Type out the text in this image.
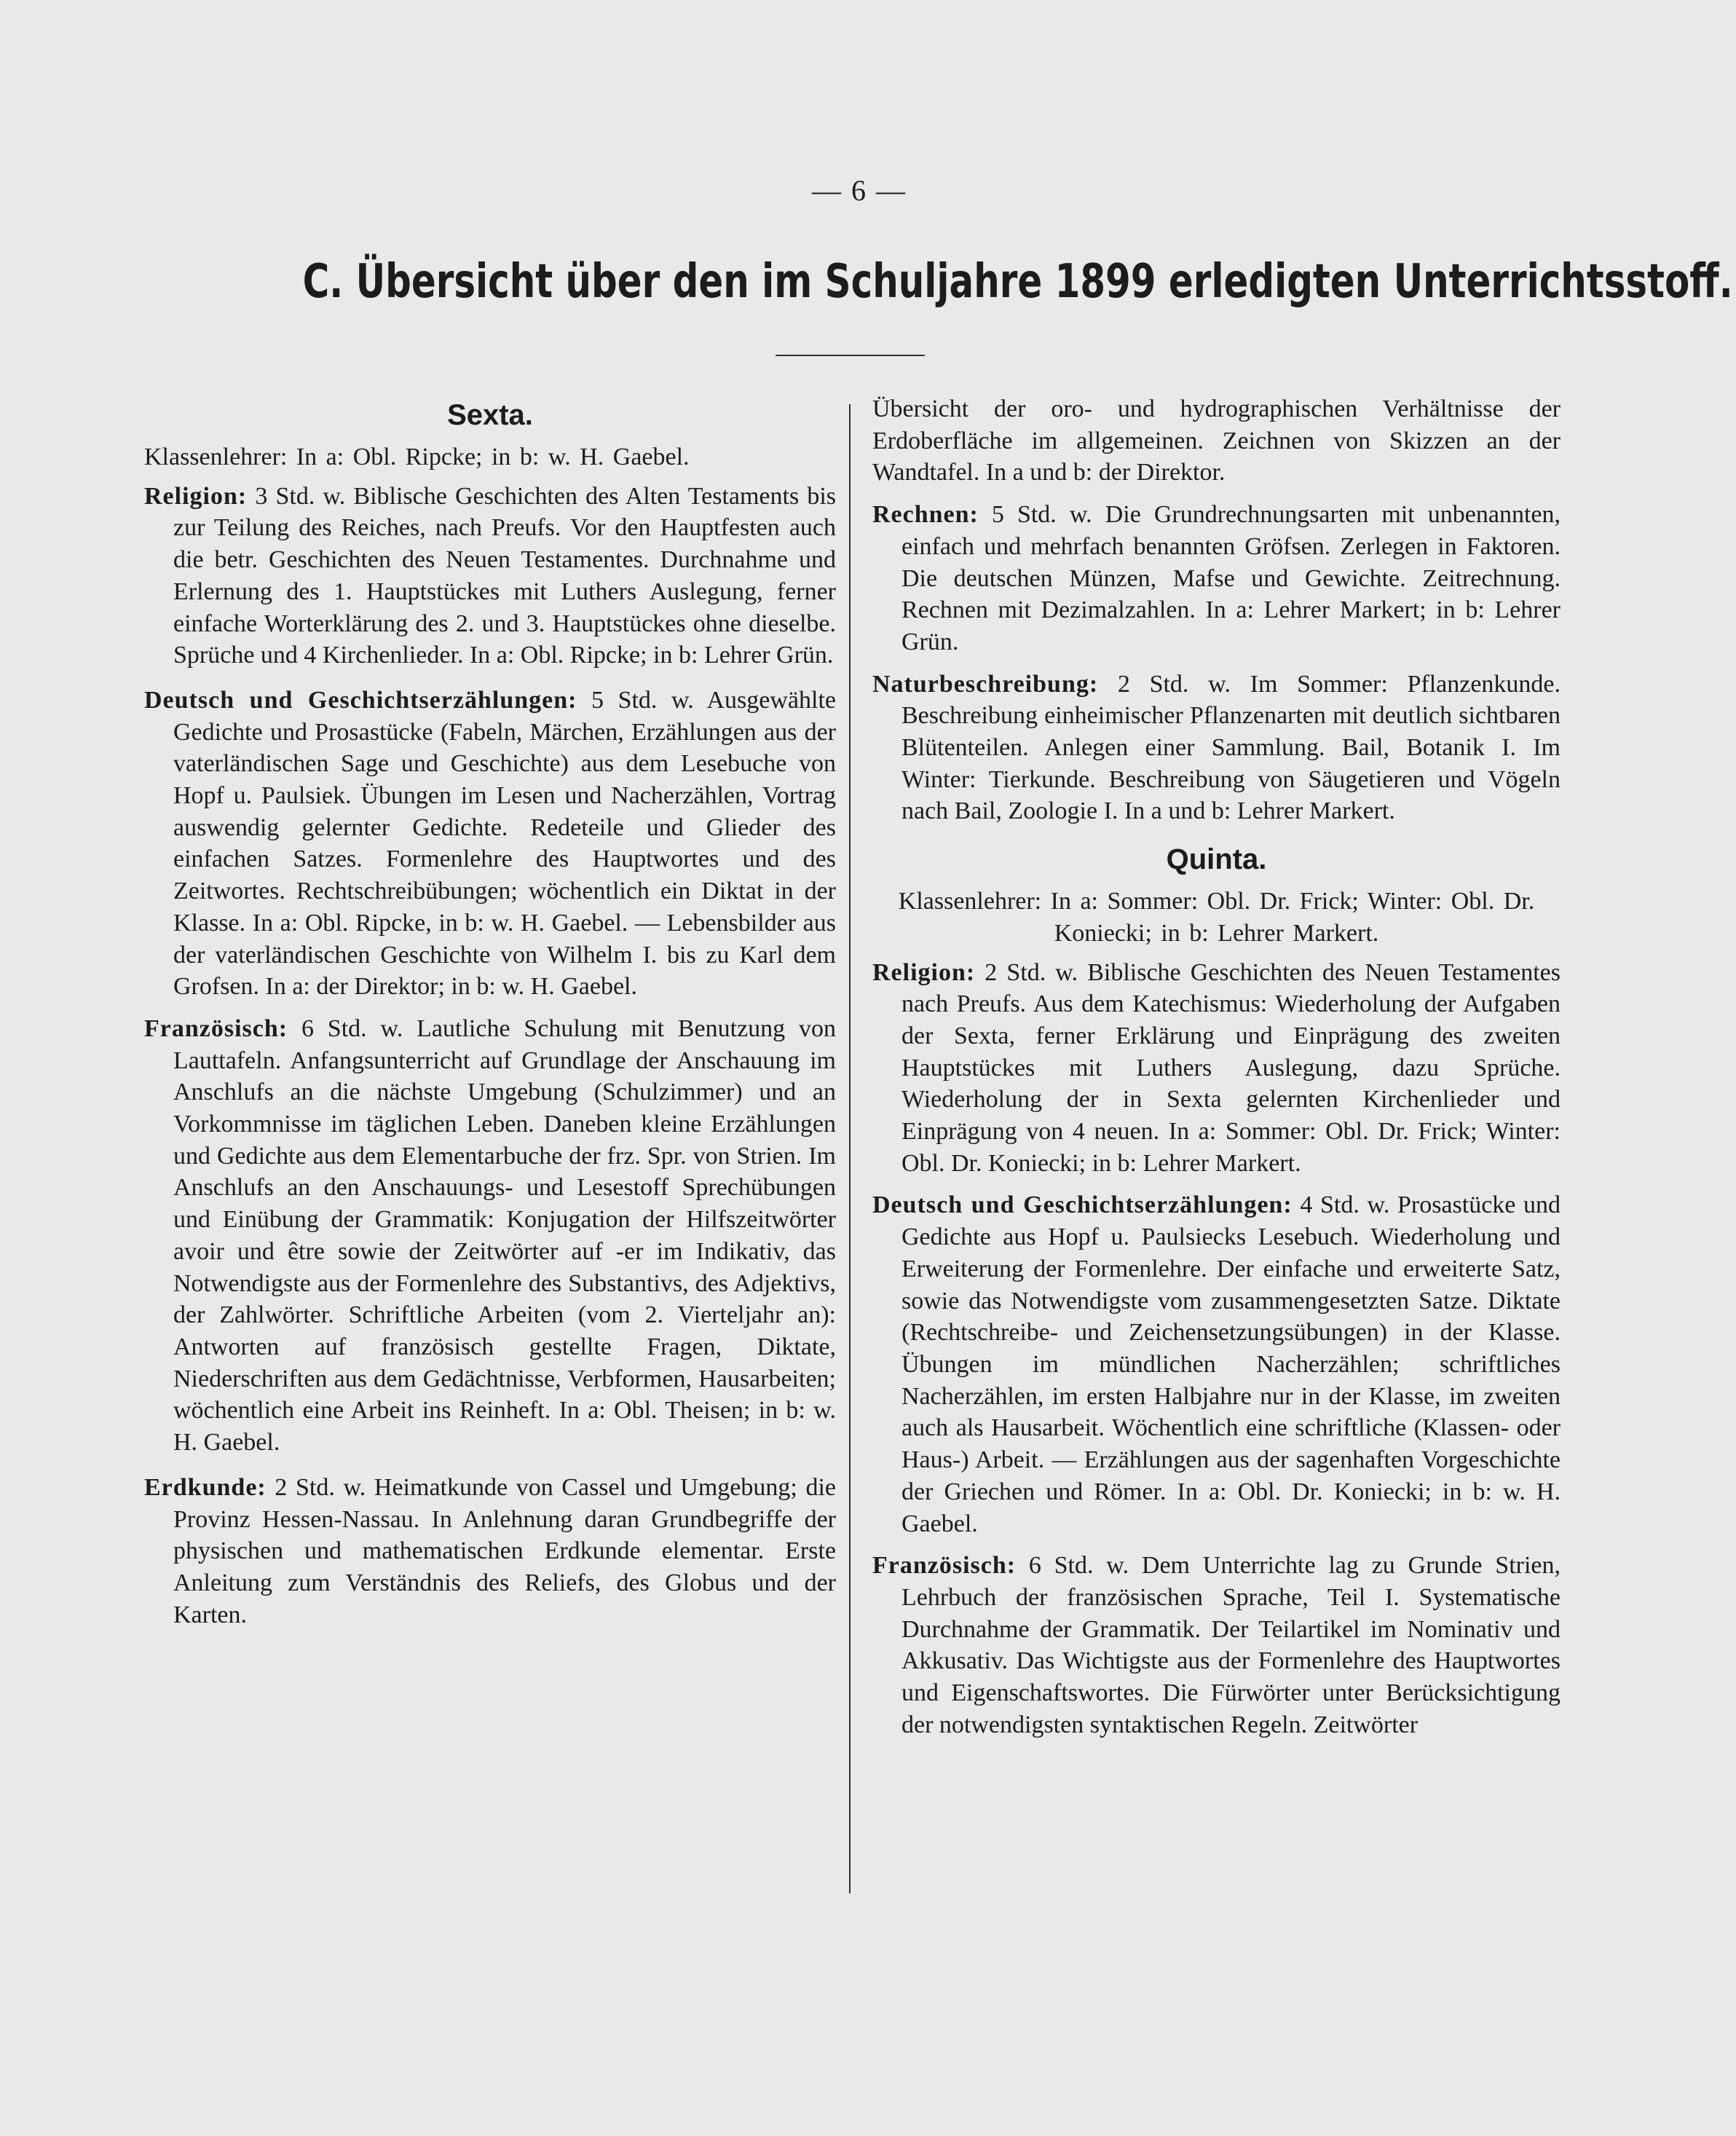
— 6 —
C. Übersicht über den im Schuljahre 1899 erledigten Unterrichtsstoff.
Sexta.
Klassenlehrer: In a: Obl. Ripcke; in b: w. H. Gaebel.

Religion: 3 Std. w. Biblische Geschichten des Alten Testaments bis zur Teilung des Reiches, nach Preufs. Vor den Hauptfesten auch die betr. Geschichten des Neuen Testamentes. Durchnahme und Erlernung des 1. Hauptstückes mit Luthers Auslegung, ferner einfache Worterklärung des 2. und 3. Hauptstückes ohne dieselbe. Sprüche und 4 Kirchenlieder. In a: Obl. Ripcke; in b: Lehrer Grün.

Deutsch und Geschichtserzählungen: 5 Std. w. Ausgewählte Gedichte und Prosastücke (Fabeln, Märchen, Erzählungen aus der vaterländischen Sage und Geschichte) aus dem Lesebuche von Hopf u. Paulsiek. Übungen im Lesen und Nacherzählen, Vortrag auswendig gelernter Gedichte. Redeteile und Glieder des einfachen Satzes. Formenlehre des Hauptwortes und des Zeitwortes. Rechtschreibübungen; wöchentlich ein Diktat in der Klasse. In a: Obl. Ripcke, in b: w. H. Gaebel. — Lebensbilder aus der vaterländischen Geschichte von Wilhelm I. bis zu Karl dem Grofsen. In a: der Direktor; in b: w. H. Gaebel.

Französisch: 6 Std. w. Lautliche Schulung mit Benutzung von Lauttafeln. Anfangsunterricht auf Grundlage der Anschauung im Anschlufs an die nächste Umgebung (Schulzimmer) und an Vorkommnisse im täglichen Leben. Daneben kleine Erzählungen und Gedichte aus dem Elementarbuche der frz. Spr. von Strien. Im Anschlufs an den Anschauungs- und Lesestoff Sprechübungen und Einübung der Grammatik: Konjugation der Hilfszeitwörter avoir und être sowie der Zeitwörter auf -er im Indikativ, das Notwendigste aus der Formenlehre des Substantivs, des Adjektivs, der Zahlwörter. Schriftliche Arbeiten (vom 2. Vierteljahr an): Antworten auf französisch gestellte Fragen, Diktate, Niederschriften aus dem Gedächtnisse, Verbformen, Hausarbeiten; wöchentlich eine Arbeit ins Reinheft. In a: Obl. Theisen; in b: w. H. Gaebel.

Erdkunde: 2 Std. w. Heimatkunde von Cassel und Umgebung; die Provinz Hessen-Nassau. In Anlehnung daran Grundbegriffe der physischen und mathematischen Erdkunde elementar. Erste Anleitung zum Verständnis des Reliefs, des Globus und der Karten.

Übersicht der oro- und hydrographischen Verhältnisse der Erdoberfläche im allgemeinen. Zeichnen von Skizzen an der Wandtafel. In a und b: der Direktor.

Rechnen: 5 Std. w. Die Grundrechnungsarten mit unbenannten, einfach und mehrfach benannten Gröfsen. Zerlegen in Faktoren. Die deutschen Münzen, Mafse und Gewichte. Zeitrechnung. Rechnen mit Dezimalzahlen. In a: Lehrer Markert; in b: Lehrer Grün.

Naturbeschreibung: 2 Std. w. Im Sommer: Pflanzenkunde. Beschreibung einheimischer Pflanzenarten mit deutlich sichtbaren Blütenteilen. Anlegen einer Sammlung. Bail, Botanik I. Im Winter: Tierkunde. Beschreibung von Säugetieren und Vögeln nach Bail, Zoologie I. In a und b: Lehrer Markert.

Quinta.
Klassenlehrer: In a: Sommer: Obl. Dr. Frick; Winter: Obl. Dr. Koniecki; in b: Lehrer Markert.

Religion: 2 Std. w. Biblische Geschichten des Neuen Testamentes nach Preufs. Aus dem Katechismus: Wiederholung der Aufgaben der Sexta, ferner Erklärung und Einprägung des zweiten Hauptstückes mit Luthers Auslegung, dazu Sprüche. Wiederholung der in Sexta gelernten Kirchenlieder und Einprägung von 4 neuen. In a: Sommer: Obl. Dr. Frick; Winter: Obl. Dr. Koniecki; in b: Lehrer Markert.

Deutsch und Geschichtserzählungen: 4 Std. w. Prosastücke und Gedichte aus Hopf u. Paulsiecks Lesebuch. Wiederholung und Erweiterung der Formenlehre. Der einfache und erweiterte Satz, sowie das Notwendigste vom zusammengesetzten Satze. Diktate (Rechtschreibe- und Zeichensetzungsübungen) in der Klasse. Übungen im mündlichen Nacherzählen; schriftliches Nacherzählen, im ersten Halbjahre nur in der Klasse, im zweiten auch als Hausarbeit. Wöchentlich eine schriftliche (Klassen- oder Haus-) Arbeit. — Erzählungen aus der sagenhaften Vorgeschichte der Griechen und Römer. In a: Obl. Dr. Koniecki; in b: w. H. Gaebel.

Französisch: 6 Std. w. Dem Unterrichte lag zu Grunde Strien, Lehrbuch der französischen Sprache, Teil I. Systematische Durchnahme der Grammatik. Der Teilartikel im Nominativ und Akkusativ. Das Wichtigste aus der Formenlehre des Hauptwortes und Eigenschaftswortes. Die Fürwörter unter Berücksichtigung der notwendigsten syntaktischen Regeln. Zeitwörter
